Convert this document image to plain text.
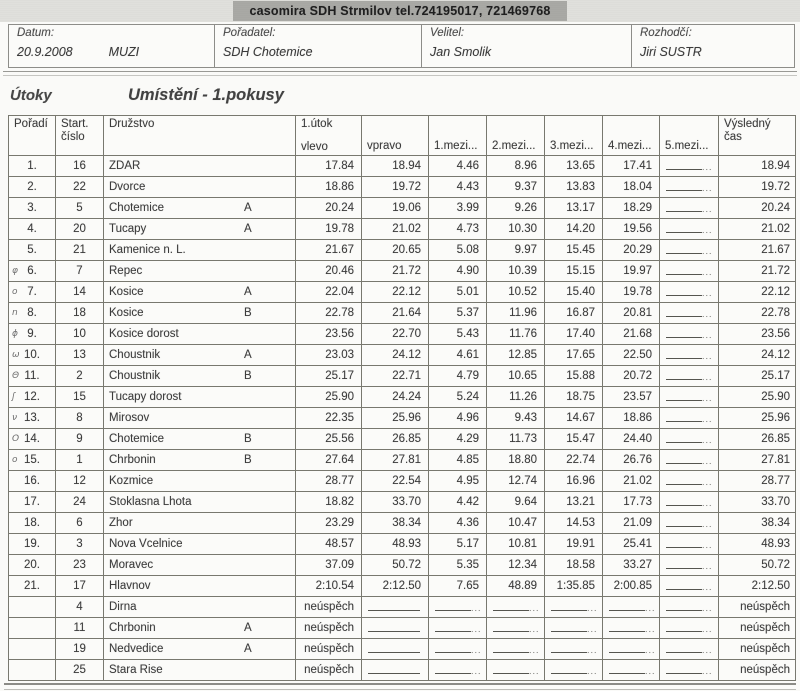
casomira SDH Strmilov tel.724195017, 721469768
Datum:
20.9.2008	MUZI
Pořadatel:
SDH Chotemice
Velitel:
Jan Smolik
Rozhodčí:
Jiri SUSTR
Útoky	Umístění - 1.pokusy
Pořadí	Start.
číslo	Družstvo	1.útok
vlevo	vpravo	1.mezi...	2.mezi...	3.mezi...	4.mezi...	5.mezi...	Výsledný
čas
1.	16	ZDAR	17.84	18.94	4.46	8.96	13.65	17.41	...	18.94
2.	22	Dvorce	18.86	19.72	4.43	9.37	13.83	18.04	...	19.72
3.	5	Chotemice A	20.24	19.06	3.99	9.26	13.17	18.29	...	20.24
4.	20	Tucapy A	19.78	21.02	4.73	10.30	14.20	19.56	...	21.02
5.	21	Kamenice n. L.	21.67	20.65	5.08	9.97	15.45	20.29	...	21.67

φ 6.	7	Repec	20.46	21.72	4.90	10.39	15.15	19.97	...	21.72

o 7.	14	Kosice A	22.04	22.12	5.01	10.52	15.40	19.78	...	22.12

n 8.	18	Kosice B	22.78	21.64	5.37	11.96	16.87	20.81	...	22.78

ϕ 9.	10	Kosice dorost	23.56	22.70	5.43	11.76	17.40	21.68	...	23.56

ω 10.	13	Choustnik A	23.03	24.12	4.61	12.85	17.65	22.50	...	24.12

Θ 11.	2	Choustnik B	25.17	22.71	4.79	10.65	15.88	20.72	...	25.17

ʃ 12.	15	Tucapy dorost	25.90	24.24	5.24	11.26	18.75	23.57	...	25.90

ν 13.	8	Mirosov	22.35	25.96	4.96	9.43	14.67	18.86	...	25.96

O 14.	9	Chotemice B	25.56	26.85	4.29	11.73	15.47	24.40	...	26.85

o 15.	1	Chrbonin B	27.64	27.81	4.85	18.80	22.74	26.76	...	27.81
16.	12	Kozmice	28.77	22.54	4.95	12.74	16.96	21.02	...	28.77
17.	24	Stoklasna Lhota	18.82	33.70	4.42	9.64	13.21	17.73	...	33.70
18.	6	Zhor	23.29	38.34	4.36	10.47	14.53	21.09	...	38.34
19.	3	Nova Vcelnice	48.57	48.93	5.17	10.81	19.91	25.41	...	48.93
20.	23	Moravec	37.09	50.72	5.35	12.34	18.58	33.27	...	50.72
21.	17	Hlavnov	2:10.54	2:12.50	7.65	48.89	1:35.85	2:00.85	...	2:12.50
	4	Dirna	neúspěch		...	...	...	...	...	neúspěch
	11	Chrbonin A	neúspěch		...	...	...	...	...	neúspěch
	19	Nedvedice A	neúspěch		...	...	...	...	...	neúspěch
	25	Stara Rise	neúspěch		...	...	...	...	...	neúspěch
